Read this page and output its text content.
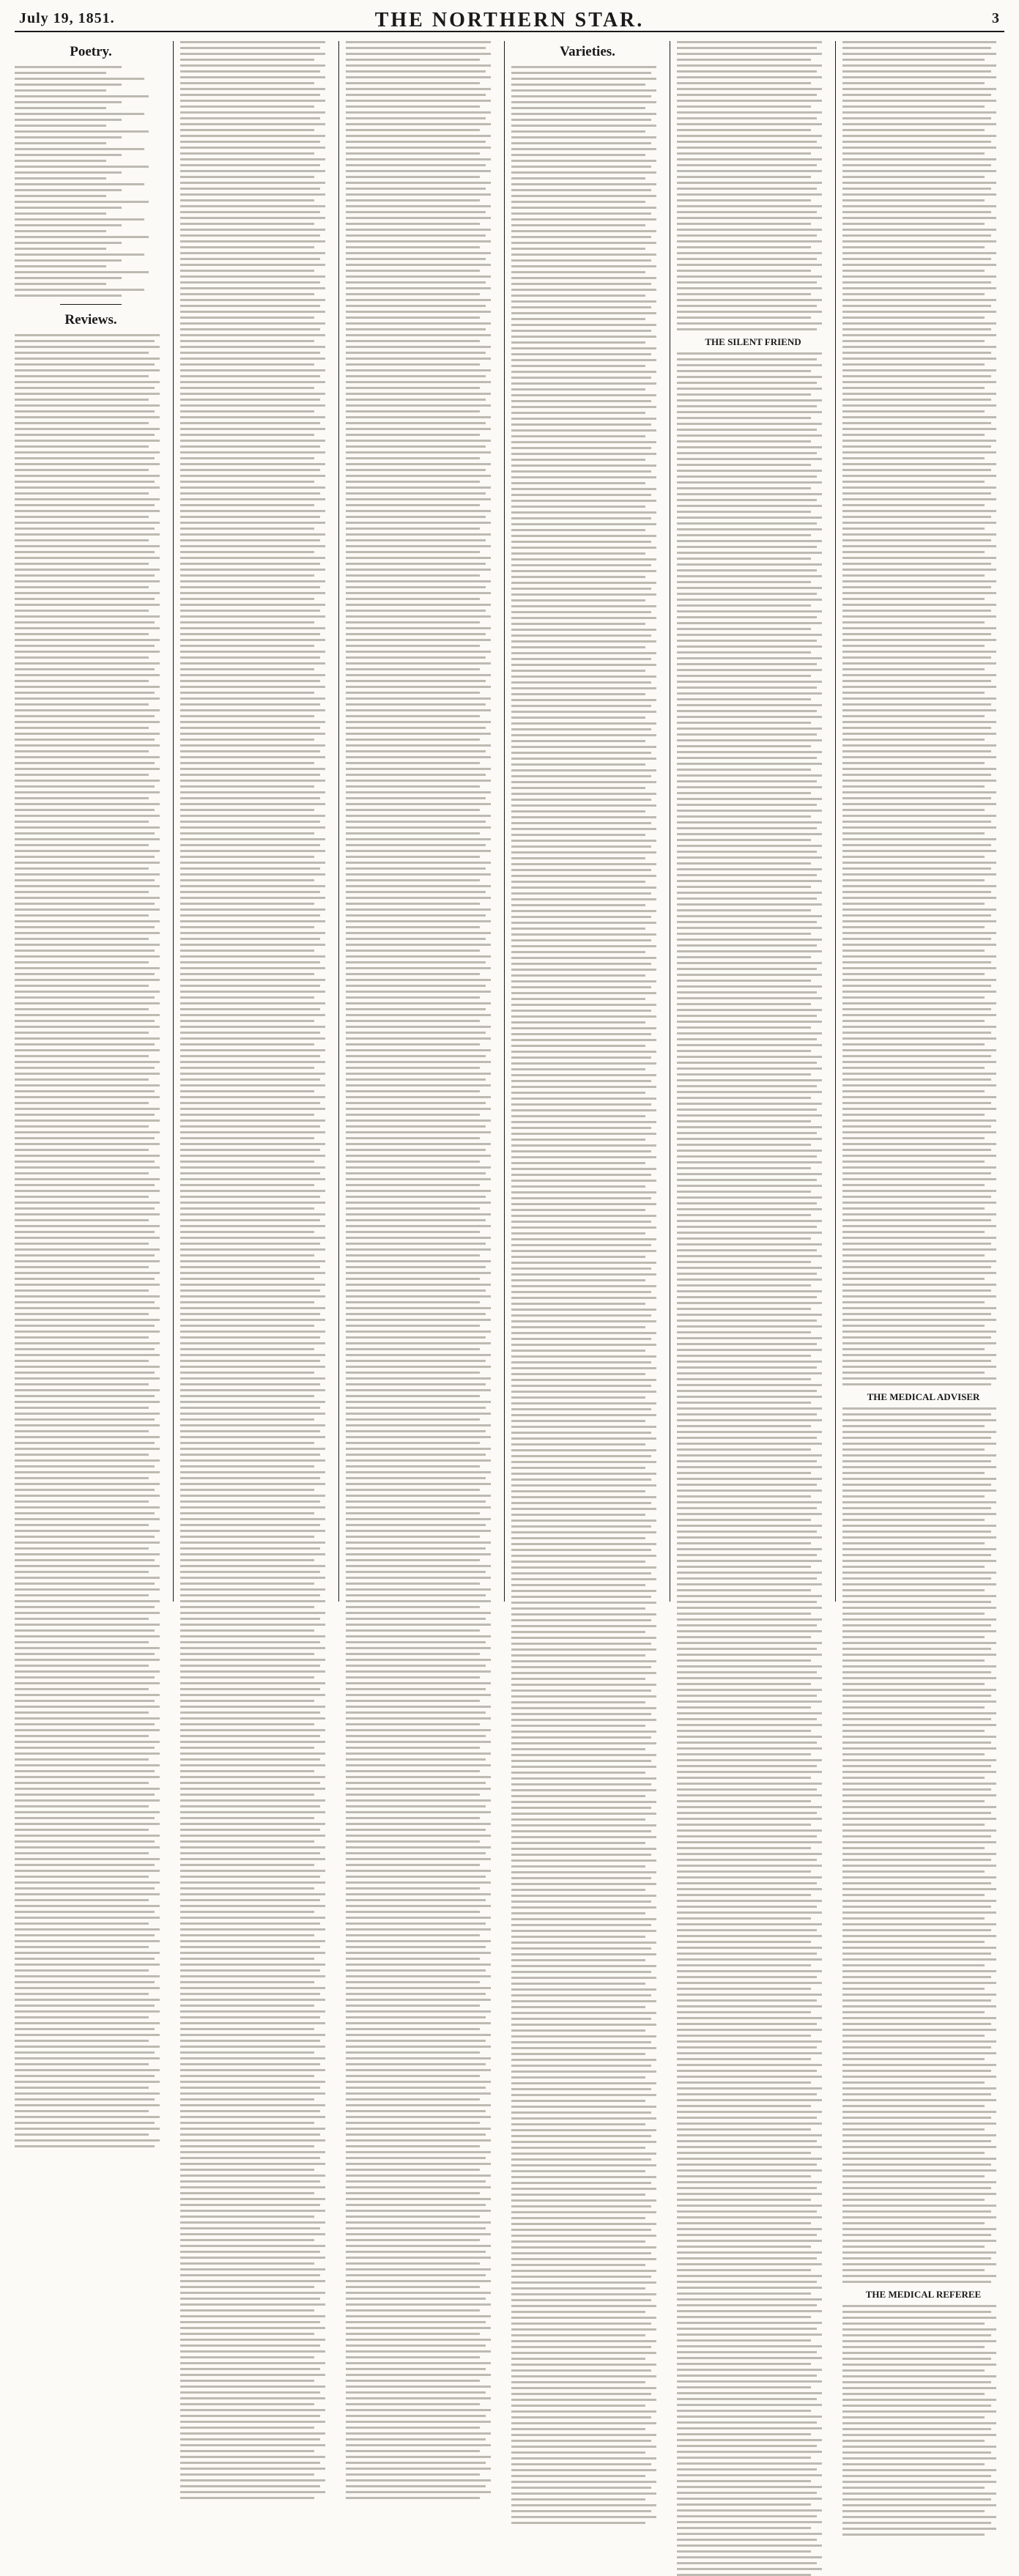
July 19, 1851.	THE NORTHERN STAR.	3
Poetry.
Reviews.
Varieties.
THE SILENT FRIEND
THE MEDICAL ADVISER
THE MEDICAL REFEREE
